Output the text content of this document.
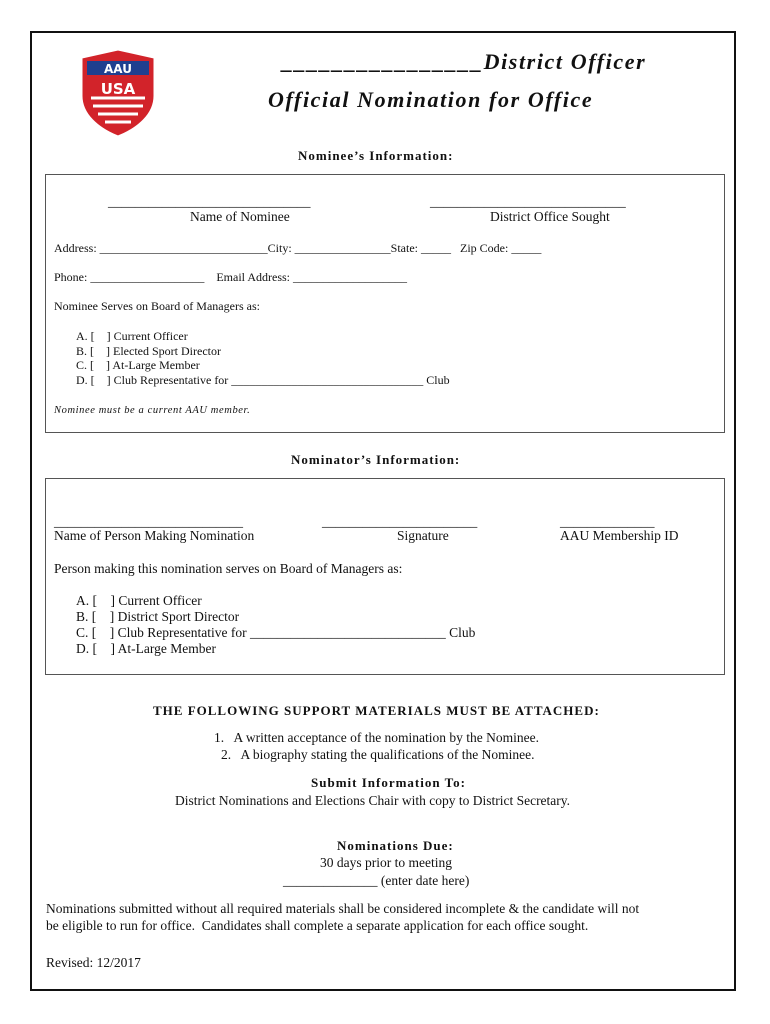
AAU
USA
________________District Officer
Official Nomination for Office
Nominee’s Information:
______________________________
Name of Nominee
_____________________________
District Office Sought
Address: ____________________________City: ________________State: _____   Zip Code: _____
Phone: ___________________    Email Address: ___________________
Nominee Serves on Board of Managers as:
A. [    ] Current Officer
B. [    ] Elected Sport Director
C. [    ] At-Large Member
D. [    ] Club Representative for ________________________________ Club
Nominee must be a current AAU member.
Nominator’s Information:
____________________________
Name of Person Making Nomination
_______________________
Signature
______________
AAU Membership ID
Person making this nomination serves on Board of Managers as:
A. [    ] Current Officer
B. [    ] District Sport Director
C. [    ] Club Representative for _____________________________ Club
D. [    ] At-Large Member
THE FOLLOWING SUPPORT MATERIALS MUST BE ATTACHED:
1.   A written acceptance of the nomination by the Nominee.
2.   A biography stating the qualifications of the Nominee.
Submit Information To:
District Nominations and Elections Chair with copy to District Secretary.
Nominations Due:
30 days prior to meeting
______________ (enter date here)
Nominations submitted without all required materials shall be considered incomplete & the candidate will not
be eligible to run for office.  Candidates shall complete a separate application for each office sought.
Revised: 12/2017
